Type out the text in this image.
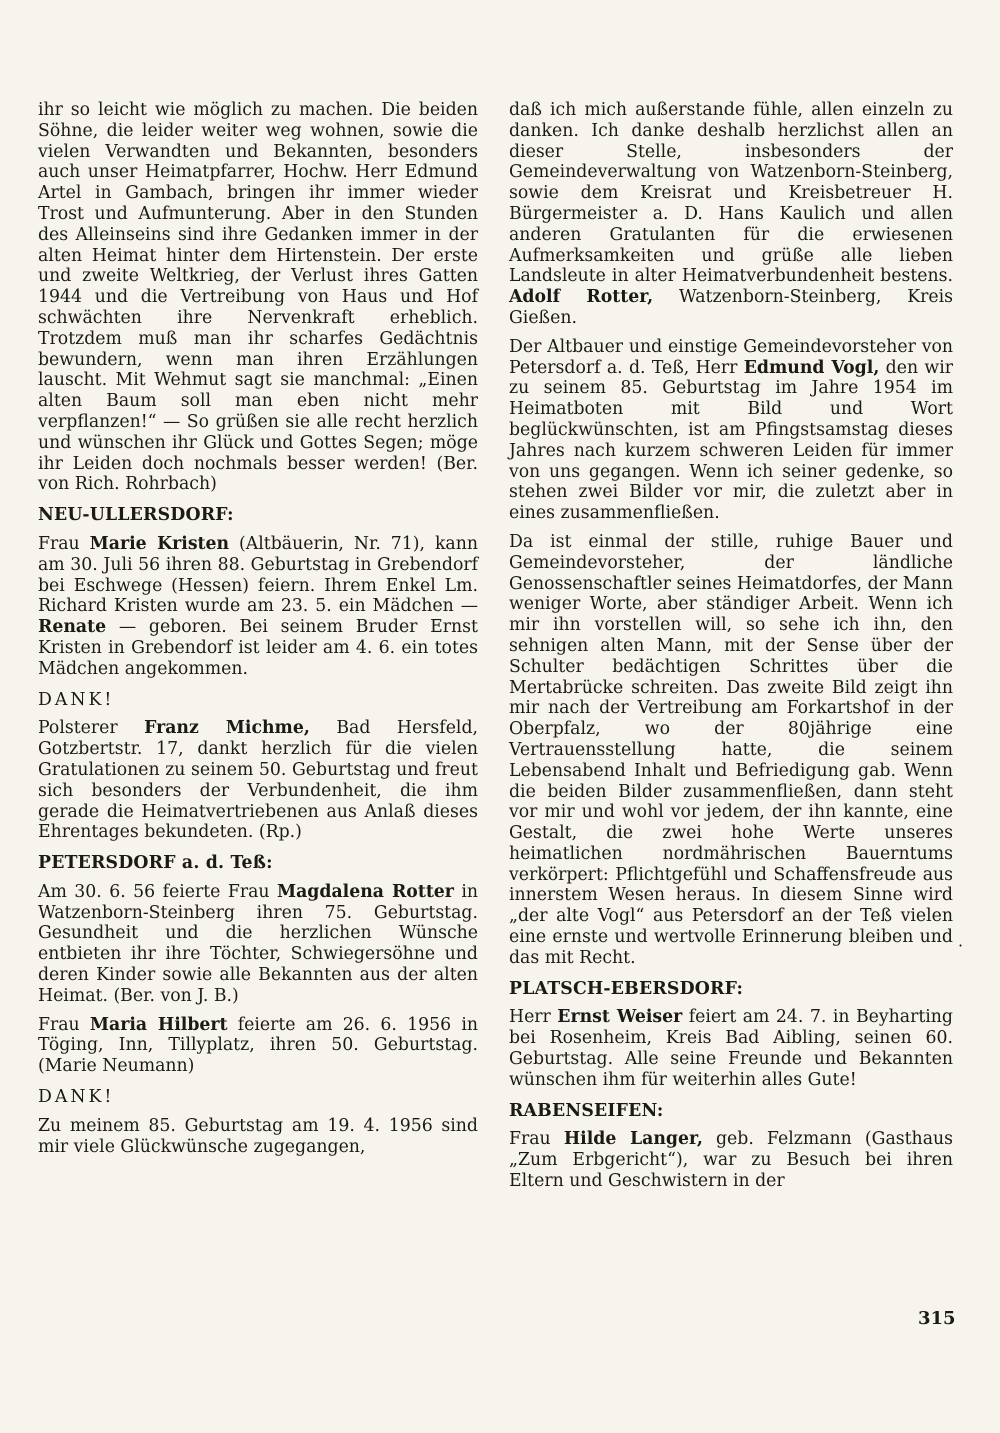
ihr so leicht wie möglich zu machen. Die beiden Söhne, die leider weiter weg wohnen, sowie die vielen Verwandten und Bekannten, besonders auch unser Heimatpfarrer, Hochw. Herr Edmund Artel in Gambach, bringen ihr immer wieder Trost und Aufmunterung. Aber in den Stunden des Alleinseins sind ihre Gedanken immer in der alten Heimat hinter dem Hirtenstein. Der erste und zweite Weltkrieg, der Verlust ihres Gatten 1944 und die Vertreibung von Haus und Hof schwächten ihre Nervenkraft erheblich. Trotzdem muß man ihr scharfes Gedächtnis bewundern, wenn man ihren Erzählungen lauscht. Mit Wehmut sagt sie manchmal: „Einen alten Baum soll man eben nicht mehr verpflanzen!“ — So grüßen sie alle recht herzlich und wünschen ihr Glück und Gottes Segen; möge ihr Leiden doch nochmals besser werden! (Ber. von Rich. Rohrbach)

NEU-ULLERSDORF:

Frau Marie Kristen (Altbäuerin, Nr. 71), kann am 30. Juli 56 ihren 88. Geburtstag in Grebendorf bei Eschwege (Hessen) feiern. Ihrem Enkel Lm. Richard Kristen wurde am 23. 5. ein Mädchen — Renate — geboren. Bei seinem Bruder Ernst Kristen in Grebendorf ist leider am 4. 6. ein totes Mädchen angekommen.

DANK!

Polsterer Franz Michme, Bad Hersfeld, Gotzbertstr. 17, dankt herzlich für die vielen Gratulationen zu seinem 50. Geburtstag und freut sich besonders der Verbundenheit, die ihm gerade die Heimatvertriebenen aus Anlaß dieses Ehrentages bekundeten. (Rp.)

PETERSDORF a. d. Teß:

Am 30. 6. 56 feierte Frau Magdalena Rotter in Watzenborn-Steinberg ihren 75. Geburtstag. Gesundheit und die herzlichen Wünsche entbieten ihr ihre Töchter, Schwiegersöhne und deren Kinder sowie alle Bekannten aus der alten Heimat. (Ber. von J. B.)

Frau Maria Hilbert feierte am 26. 6. 1956 in Töging, Inn, Tillyplatz, ihren 50. Geburtstag. (Marie Neumann)

DANK!

Zu meinem 85. Geburtstag am 19. 4. 1956 sind mir viele Glückwünsche zugegangen,

daß ich mich außerstande fühle, allen einzeln zu danken. Ich danke deshalb herzlichst allen an dieser Stelle, insbesonders der Gemeindeverwaltung von Watzenborn-Steinberg, sowie dem Kreisrat und Kreisbetreuer H. Bürgermeister a. D. Hans Kaulich und allen anderen Gratulanten für die erwiesenen Aufmerksamkeiten und grüße alle lieben Landsleute in alter Heimatverbundenheit bestens. Adolf Rotter, Watzenborn-Steinberg, Kreis Gießen.

Der Altbauer und einstige Gemeindevorsteher von Petersdorf a. d. Teß, Herr Edmund Vogl, den wir zu seinem 85. Geburtstag im Jahre 1954 im Heimatboten mit Bild und Wort beglückwünschten, ist am Pfingstsamstag dieses Jahres nach kurzem schweren Leiden für immer von uns gegangen. Wenn ich seiner gedenke, so stehen zwei Bilder vor mir, die zuletzt aber in eines zusammenfließen.

Da ist einmal der stille, ruhige Bauer und Gemeindevorsteher, der ländliche Genossenschaftler seines Heimatdorfes, der Mann weniger Worte, aber ständiger Arbeit. Wenn ich mir ihn vorstellen will, so sehe ich ihn, den sehnigen alten Mann, mit der Sense über der Schulter bedächtigen Schrittes über die Mertabrücke schreiten. Das zweite Bild zeigt ihn mir nach der Vertreibung am Forkartshof in der Oberpfalz, wo der 80jährige eine Vertrauensstellung hatte, die seinem Lebensabend Inhalt und Befriedigung gab. Wenn die beiden Bilder zusammenfließen, dann steht vor mir und wohl vor jedem, der ihn kannte, eine Gestalt, die zwei hohe Werte unseres heimatlichen nordmährischen Bauerntums verkörpert: Pflichtgefühl und Schaffensfreude aus innerstem Wesen heraus. In diesem Sinne wird „der alte Vogl“ aus Petersdorf an der Teß vielen eine ernste und wertvolle Erinnerung bleiben und das mit Recht.

PLATSCH-EBERSDORF:

Herr Ernst Weiser feiert am 24. 7. in Beyharting bei Rosenheim, Kreis Bad Aibling, seinen 60. Geburtstag. Alle seine Freunde und Bekannten wünschen ihm für weiterhin alles Gute!

RABENSEIFEN:

Frau Hilde Langer, geb. Felzmann (Gasthaus „Zum Erbgericht“), war zu Besuch bei ihren Eltern und Geschwistern in der

·
315
